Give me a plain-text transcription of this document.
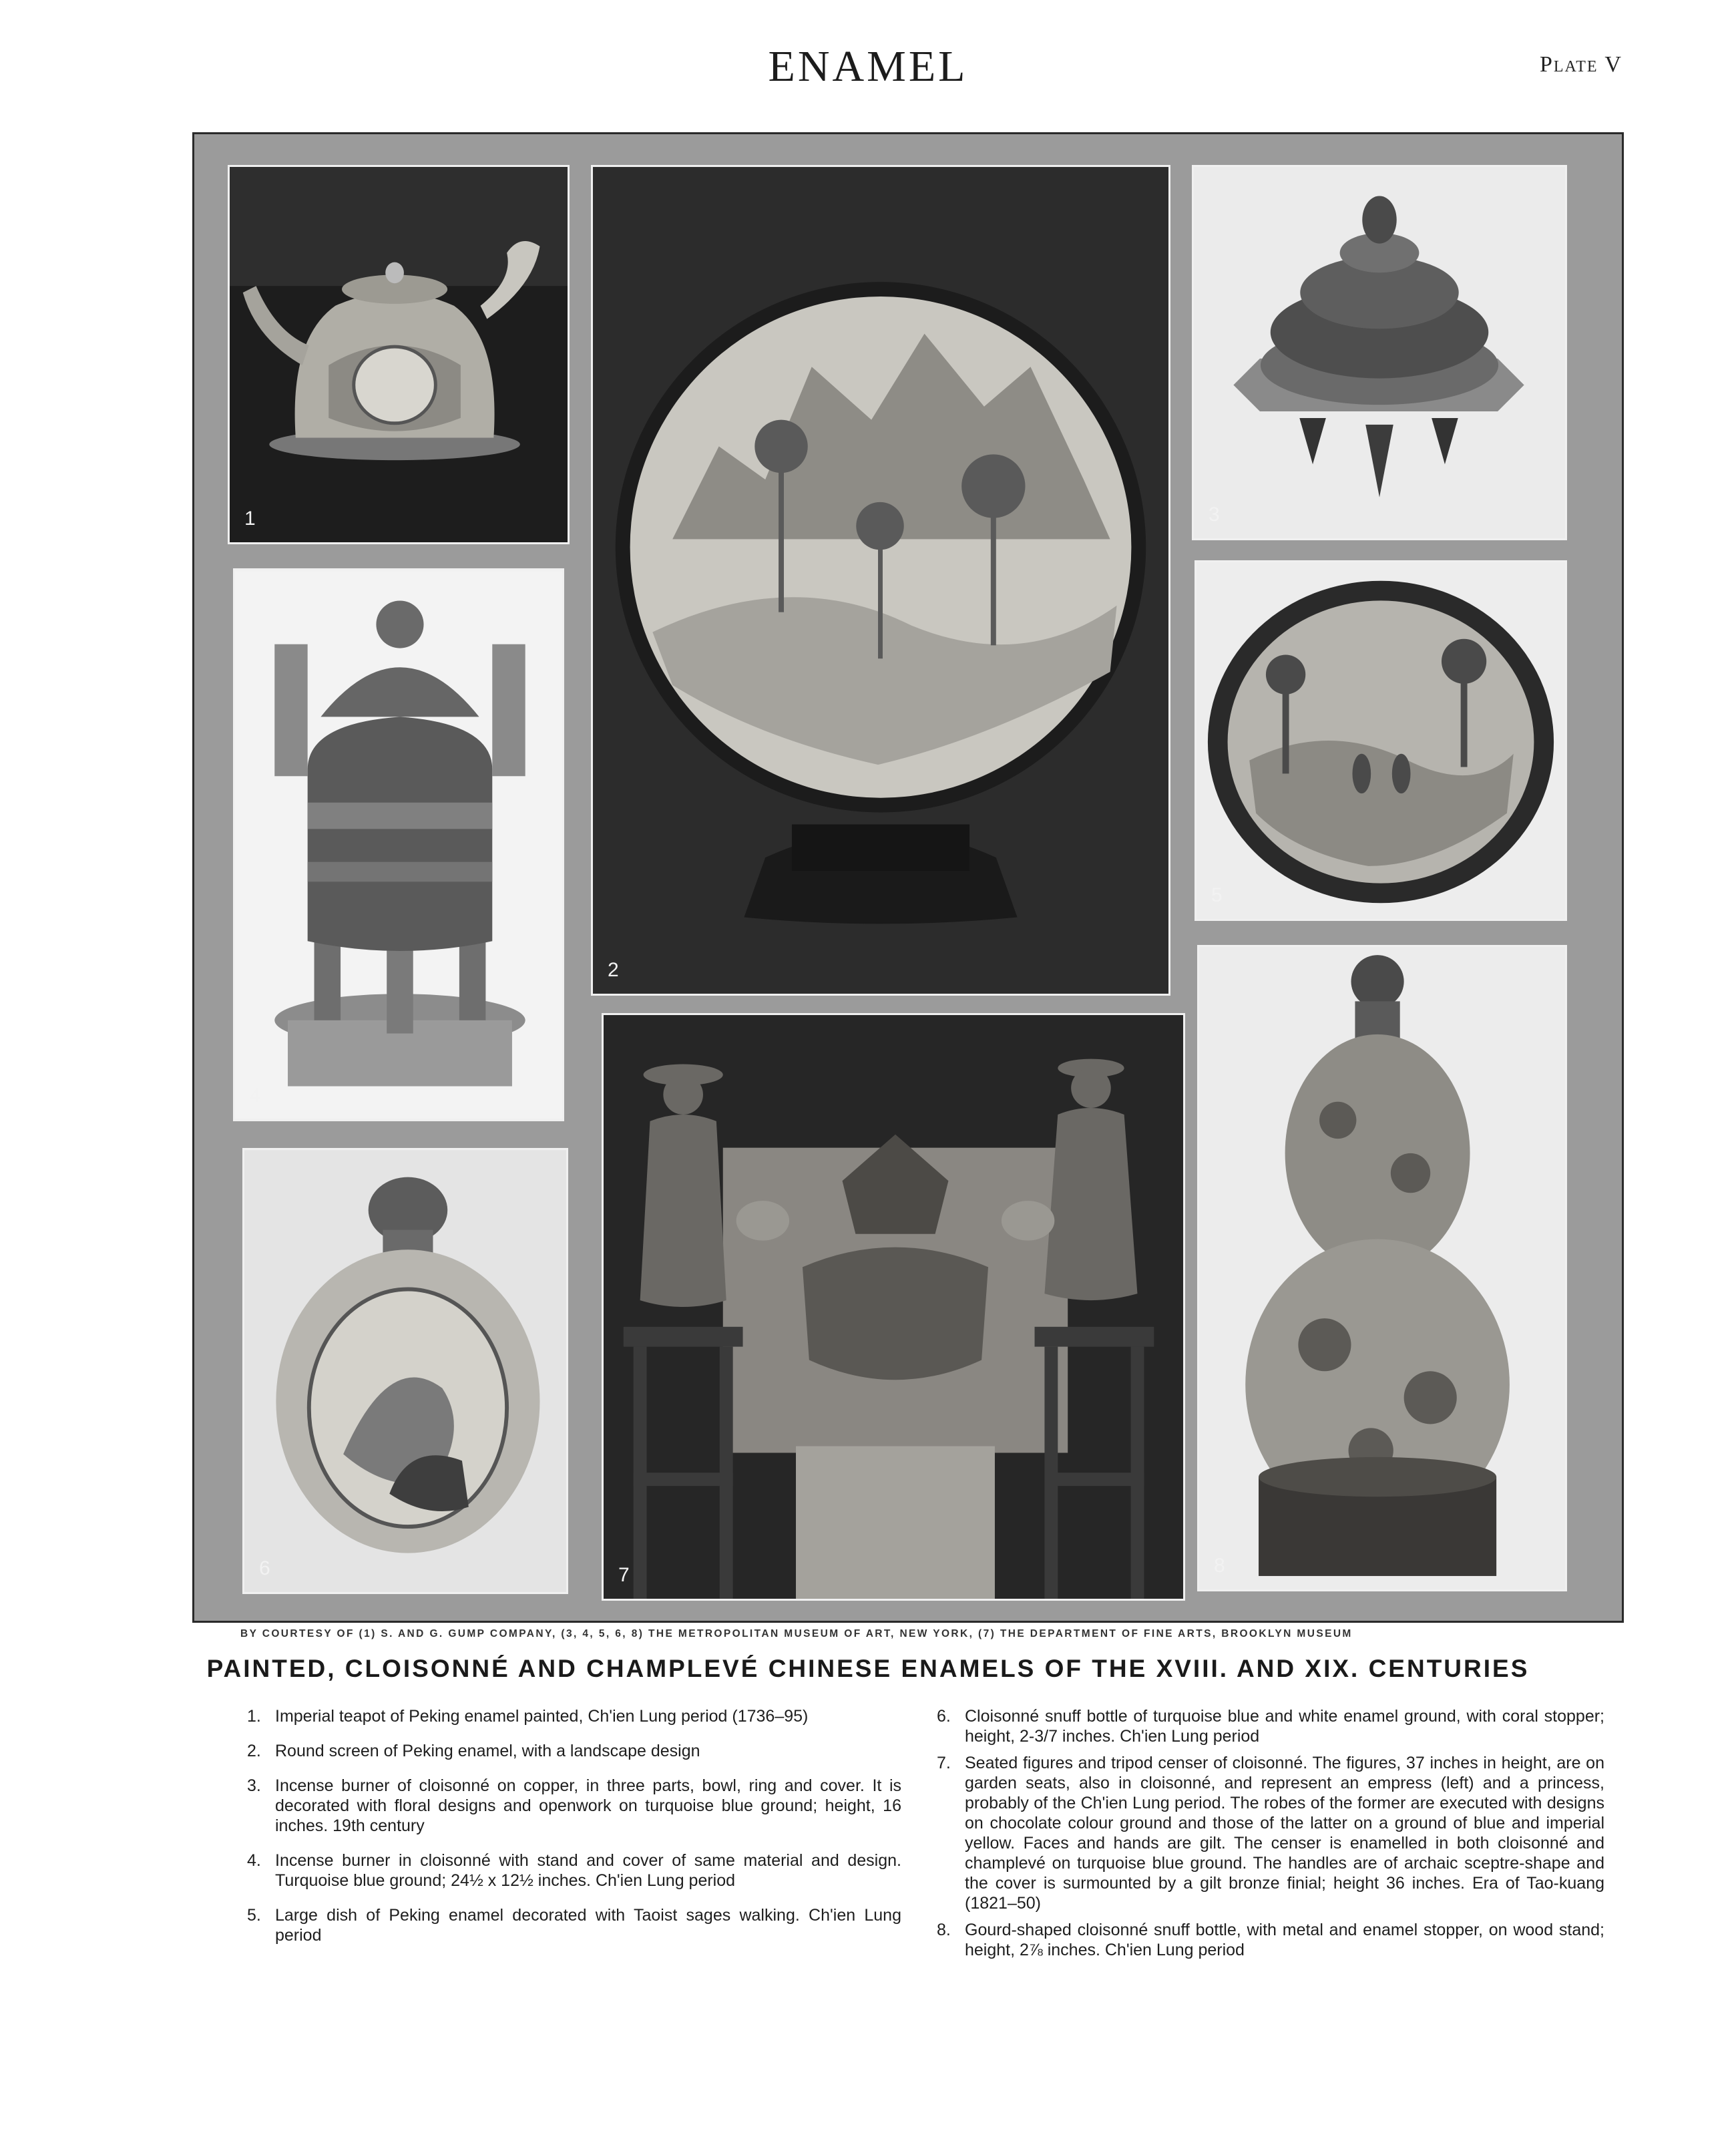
ENAMEL	Plate V
1
2
3
4
5
6	7	8
BY COURTESY OF (1) S. AND G. GUMP COMPANY, (3, 4, 5, 6, 8) THE METROPOLITAN MUSEUM OF ART, NEW YORK, (7) THE DEPARTMENT OF FINE ARTS, BROOKLYN MUSEUM
PAINTED, CLOISONNÉ AND CHAMPLEVÉ CHINESE ENAMELS OF THE XVIII. AND XIX. CENTURIES
1. Imperial teapot of Peking enamel painted, Ch'ien Lung period (1736–95)
2. Round screen of Peking enamel, with a landscape design
3. Incense burner of cloisonné on copper, in three parts, bowl, ring and cover. It is decorated with floral designs and openwork on turquoise blue ground; height, 16 inches. 19th century
4. Incense burner in cloisonné with stand and cover of same material and design. Turquoise blue ground; 24½ x 12½ inches. Ch'ien Lung period
5. Large dish of Peking enamel decorated with Taoist sages walking. Ch'ien Lung period
6. Cloisonné snuff bottle of turquoise blue and white enamel ground, with coral stopper; height, 2-3/7 inches. Ch'ien Lung period
7. Seated figures and tripod censer of cloisonné. The figures, 37 inches in height, are on garden seats, also in cloisonné, and represent an empress (left) and a princess, probably of the Ch'ien Lung period. The robes of the former are executed with designs on chocolate colour ground and those of the latter on a ground of blue and imperial yellow. Faces and hands are gilt. The censer is enamelled in both cloisonné and champlevé on turquoise blue ground. The handles are of archaic sceptre-shape and the cover is surmounted by a gilt bronze finial; height 36 inches. Era of Tao-kuang (1821–50)
8. Gourd-shaped cloisonné snuff bottle, with metal and enamel stopper, on wood stand; height, 2⅞ inches. Ch'ien Lung period
